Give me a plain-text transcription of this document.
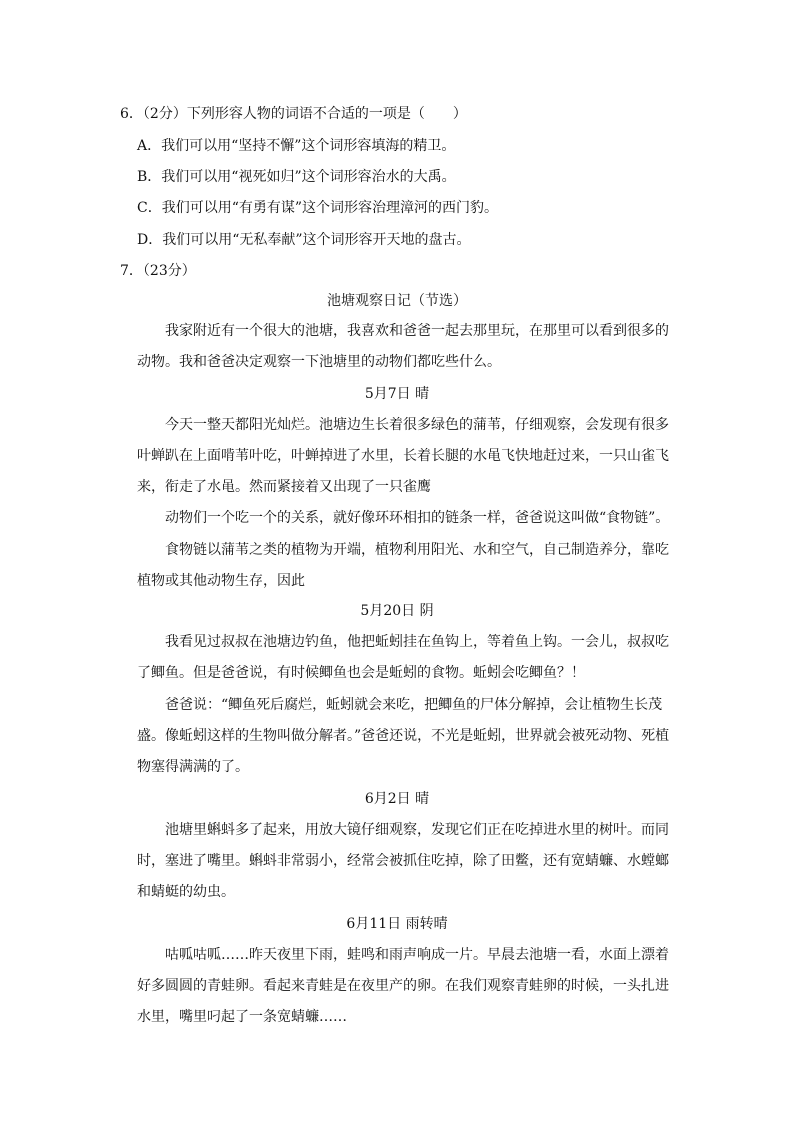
6．（2分）下列形容人物的词语不合适的一项是（　　）
A．我们可以用“坚持不懈”这个词形容填海的精卫。
B．我们可以用“视死如归”这个词形容治水的大禹。
C．我们可以用“有勇有谋”这个词形容治理漳河的西门豹。
D．我们可以用“无私奉献”这个词形容开天地的盘古。
7．（23分）
池塘观察日记（节选）
我家附近有一个很大的池塘，我喜欢和爸爸一起去那里玩，在那里可以看到很多的动物。我和爸爸决定观察一下池塘里的动物们都吃些什么。
5月7日 晴
今天一整天都阳光灿烂。池塘边生长着很多绿色的蒲苇，仔细观察，会发现有很多叶蝉趴在上面啃苇叶吃，叶蝉掉进了水里，长着长腿的水黾飞快地赶过来，一只山雀飞来，衔走了水黾。然而紧接着又出现了一只雀鹰
动物们一个吃一个的关系，就好像环环相扣的链条一样，爸爸说这叫做“食物链”。
食物链以蒲苇之类的植物为开端，植物利用阳光、水和空气，自己制造养分，靠吃植物或其他动物生存，因此
5月20日 阴
我看见过叔叔在池塘边钓鱼，他把蚯蚓挂在鱼钩上，等着鱼上钩。一会儿，叔叔吃了鲫鱼。但是爸爸说，有时候鲫鱼也会是蚯蚓的食物。蚯蚓会吃鲫鱼？！
爸爸说：“鲫鱼死后腐烂，蚯蚓就会来吃，把鲫鱼的尸体分解掉，会让植物生长茂盛。像蚯蚓这样的生物叫做分解者。”爸爸还说，不光是蚯蚓，世界就会被死动物、死植物塞得满满的了。
6月2日 晴
池塘里蝌蚪多了起来，用放大镜仔细观察，发现它们正在吃掉进水里的树叶。而同时，塞进了嘴里。蝌蚪非常弱小，经常会被抓住吃掉，除了田鳖，还有宽蜻蠊、水螳螂和蜻蜓的幼虫。
6月11日 雨转晴
咕呱咕呱……昨天夜里下雨，蛙鸣和雨声响成一片。早晨去池塘一看，水面上漂着好多圆圆的青蛙卵。看起来青蛙是在夜里产的卵。在我们观察青蛙卵的时候，一头扎进水里，嘴里叼起了一条宽蜻蠊……
